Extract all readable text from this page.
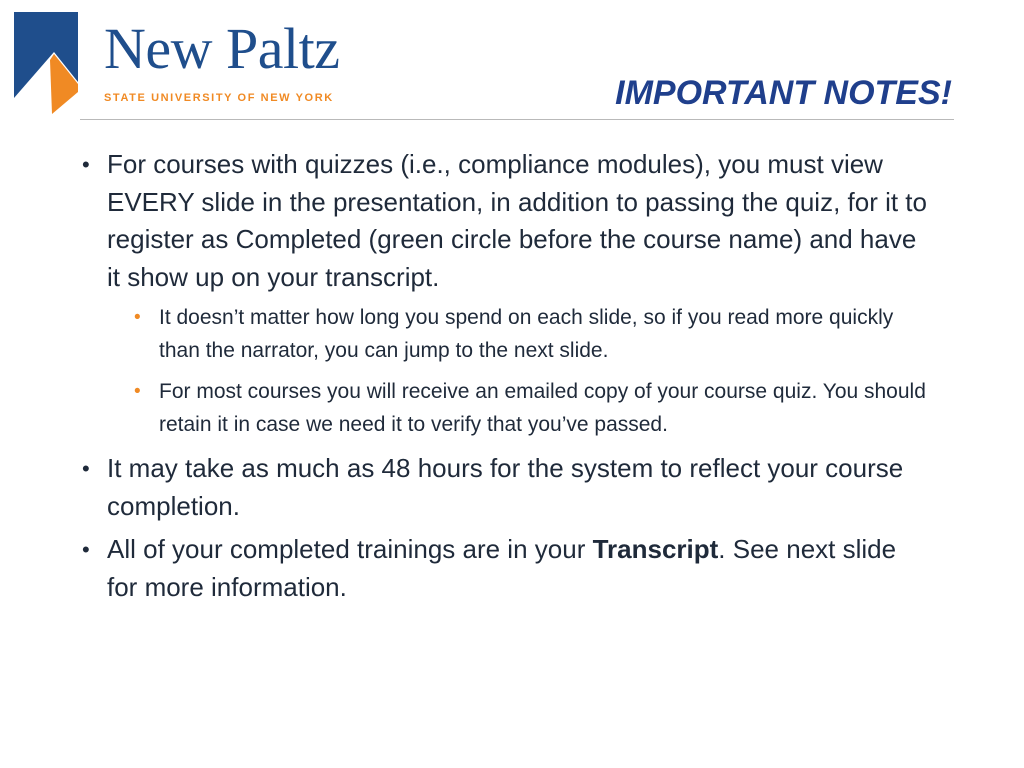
New Paltz
STATE UNIVERSITY OF NEW YORK	IMPORTANT NOTES!
• For courses with quizzes (i.e., compliance modules), you must view EVERY slide in the presentation, in addition to passing the quiz, for it to register as Completed (green circle before the course name) and have it show up on your transcript.
• It doesn’t matter how long you spend on each slide, so if you read more quickly than the narrator, you can jump to the next slide.
• For most courses you will receive an emailed copy of your course quiz. You should retain it in case we need it to verify that you’ve passed.
• It may take as much as 48 hours for the system to reflect your course completion.
• All of your completed trainings are in your Transcript. See next slide for more information.
